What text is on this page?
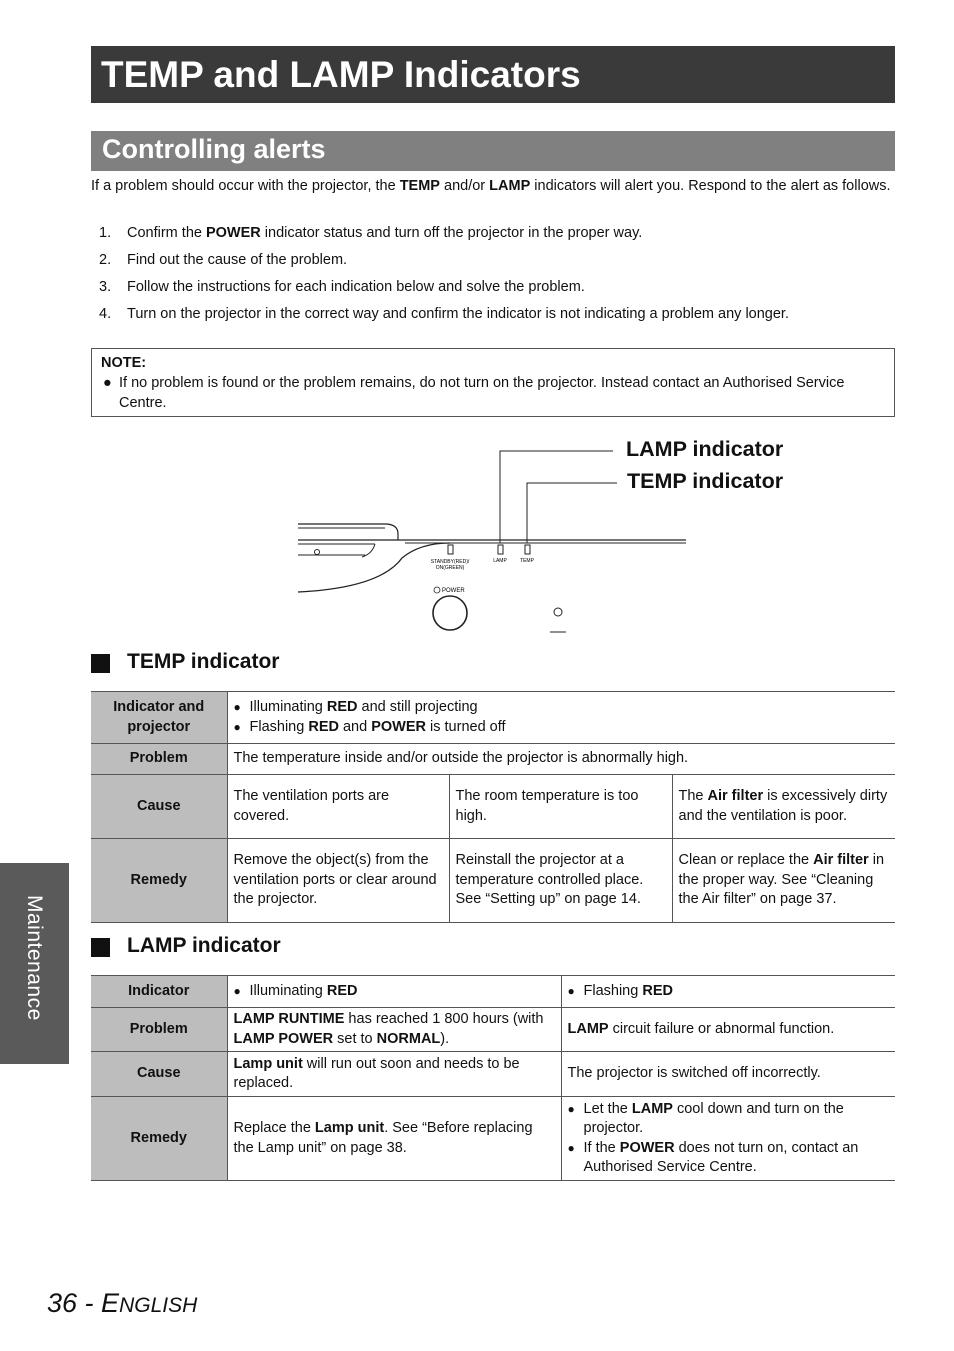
TEMP and LAMP Indicators
Controlling alerts
If a problem should occur with the projector, the TEMP and/or LAMP indicators will alert you. Respond to the alert as follows.
1. Confirm the POWER indicator status and turn off the projector in the proper way.
2. Find out the cause of the problem.
3. Follow the instructions for each indication below and solve the problem.
4. Turn on the projector in the correct way and confirm the indicator is not indicating a problem any longer.
NOTE:
● If no problem is found or the problem remains, do not turn on the projector. Instead contact an Authorised Service Centre.
LAMP indicator
TEMP indicator
STANDBY(RED)/
ON(GREEN)
LAMP	TEMP
POWER
TEMP indicator
Indicator and projector	● Illuminating RED and still projecting
● Flashing RED and POWER is turned off

Problem	The temperature inside and/or outside the projector is abnormally high.		
Cause	The ventilation ports are covered.	The room temperature is too high.	The Air filter is excessively dirty and the ventilation is poor.
Remedy	Remove the object(s) from the ventilation ports or clear around the projector.	Reinstall the projector at a temperature controlled place. See “Setting up” on page 14.	Clean or replace the Air filter in the proper way. See “Cleaning the Air filter” on page 37.
LAMP indicator
Indicator	● Illuminating RED	● Flashing RED

Problem	LAMP RUNTIME has reached 1 800 hours (with LAMP POWER set to NORMAL).	LAMP circuit failure or abnormal function.
Cause	Lamp unit will run out soon and needs to be replaced.	The projector is switched off incorrectly.
Remedy	Replace the Lamp unit. See “Before replacing the Lamp unit” on page 38.	● Let the LAMP cool down and turn on the projector.
● If the POWER does not turn on, contact an Authorised Service Centre.
Maintenance
36 - ENGLISH
